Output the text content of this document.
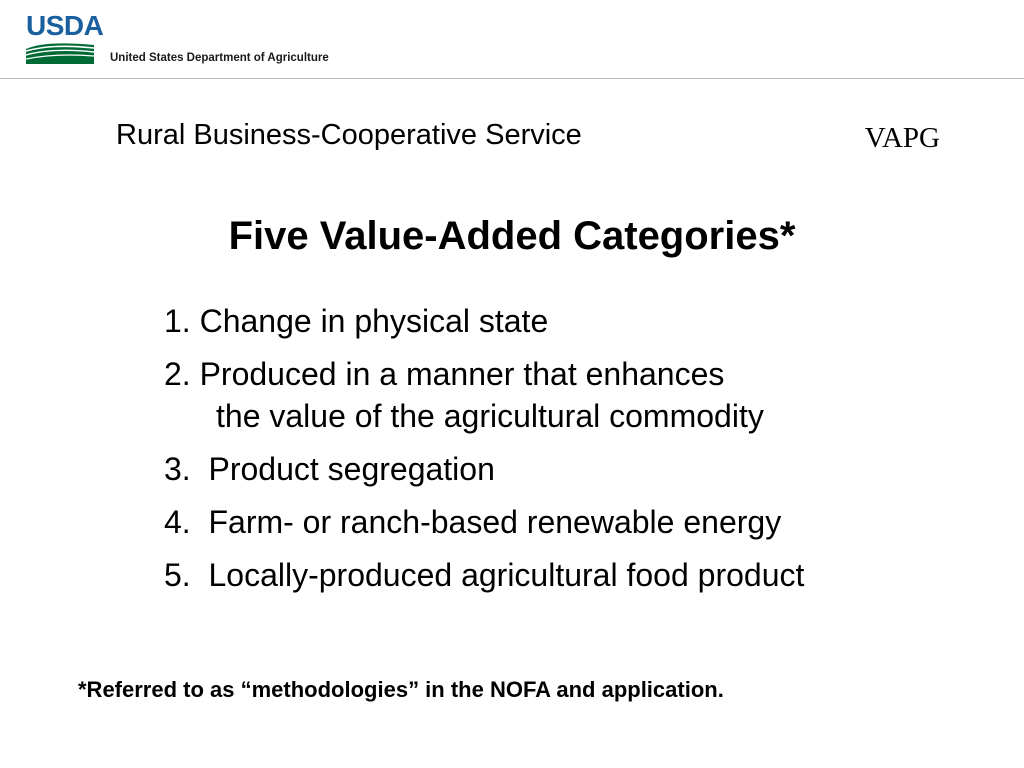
USDA
United States Department of Agriculture
Rural Business-Cooperative Service	VAPG
Five Value-Added Categories*
1. Change in physical state
2. Produced in a manner that enhances
the value of the agricultural commodity
3. Product segregation
4. Farm- or ranch-based renewable energy
5. Locally-produced agricultural food product
*Referred to as “methodologies” in the NOFA and application.
